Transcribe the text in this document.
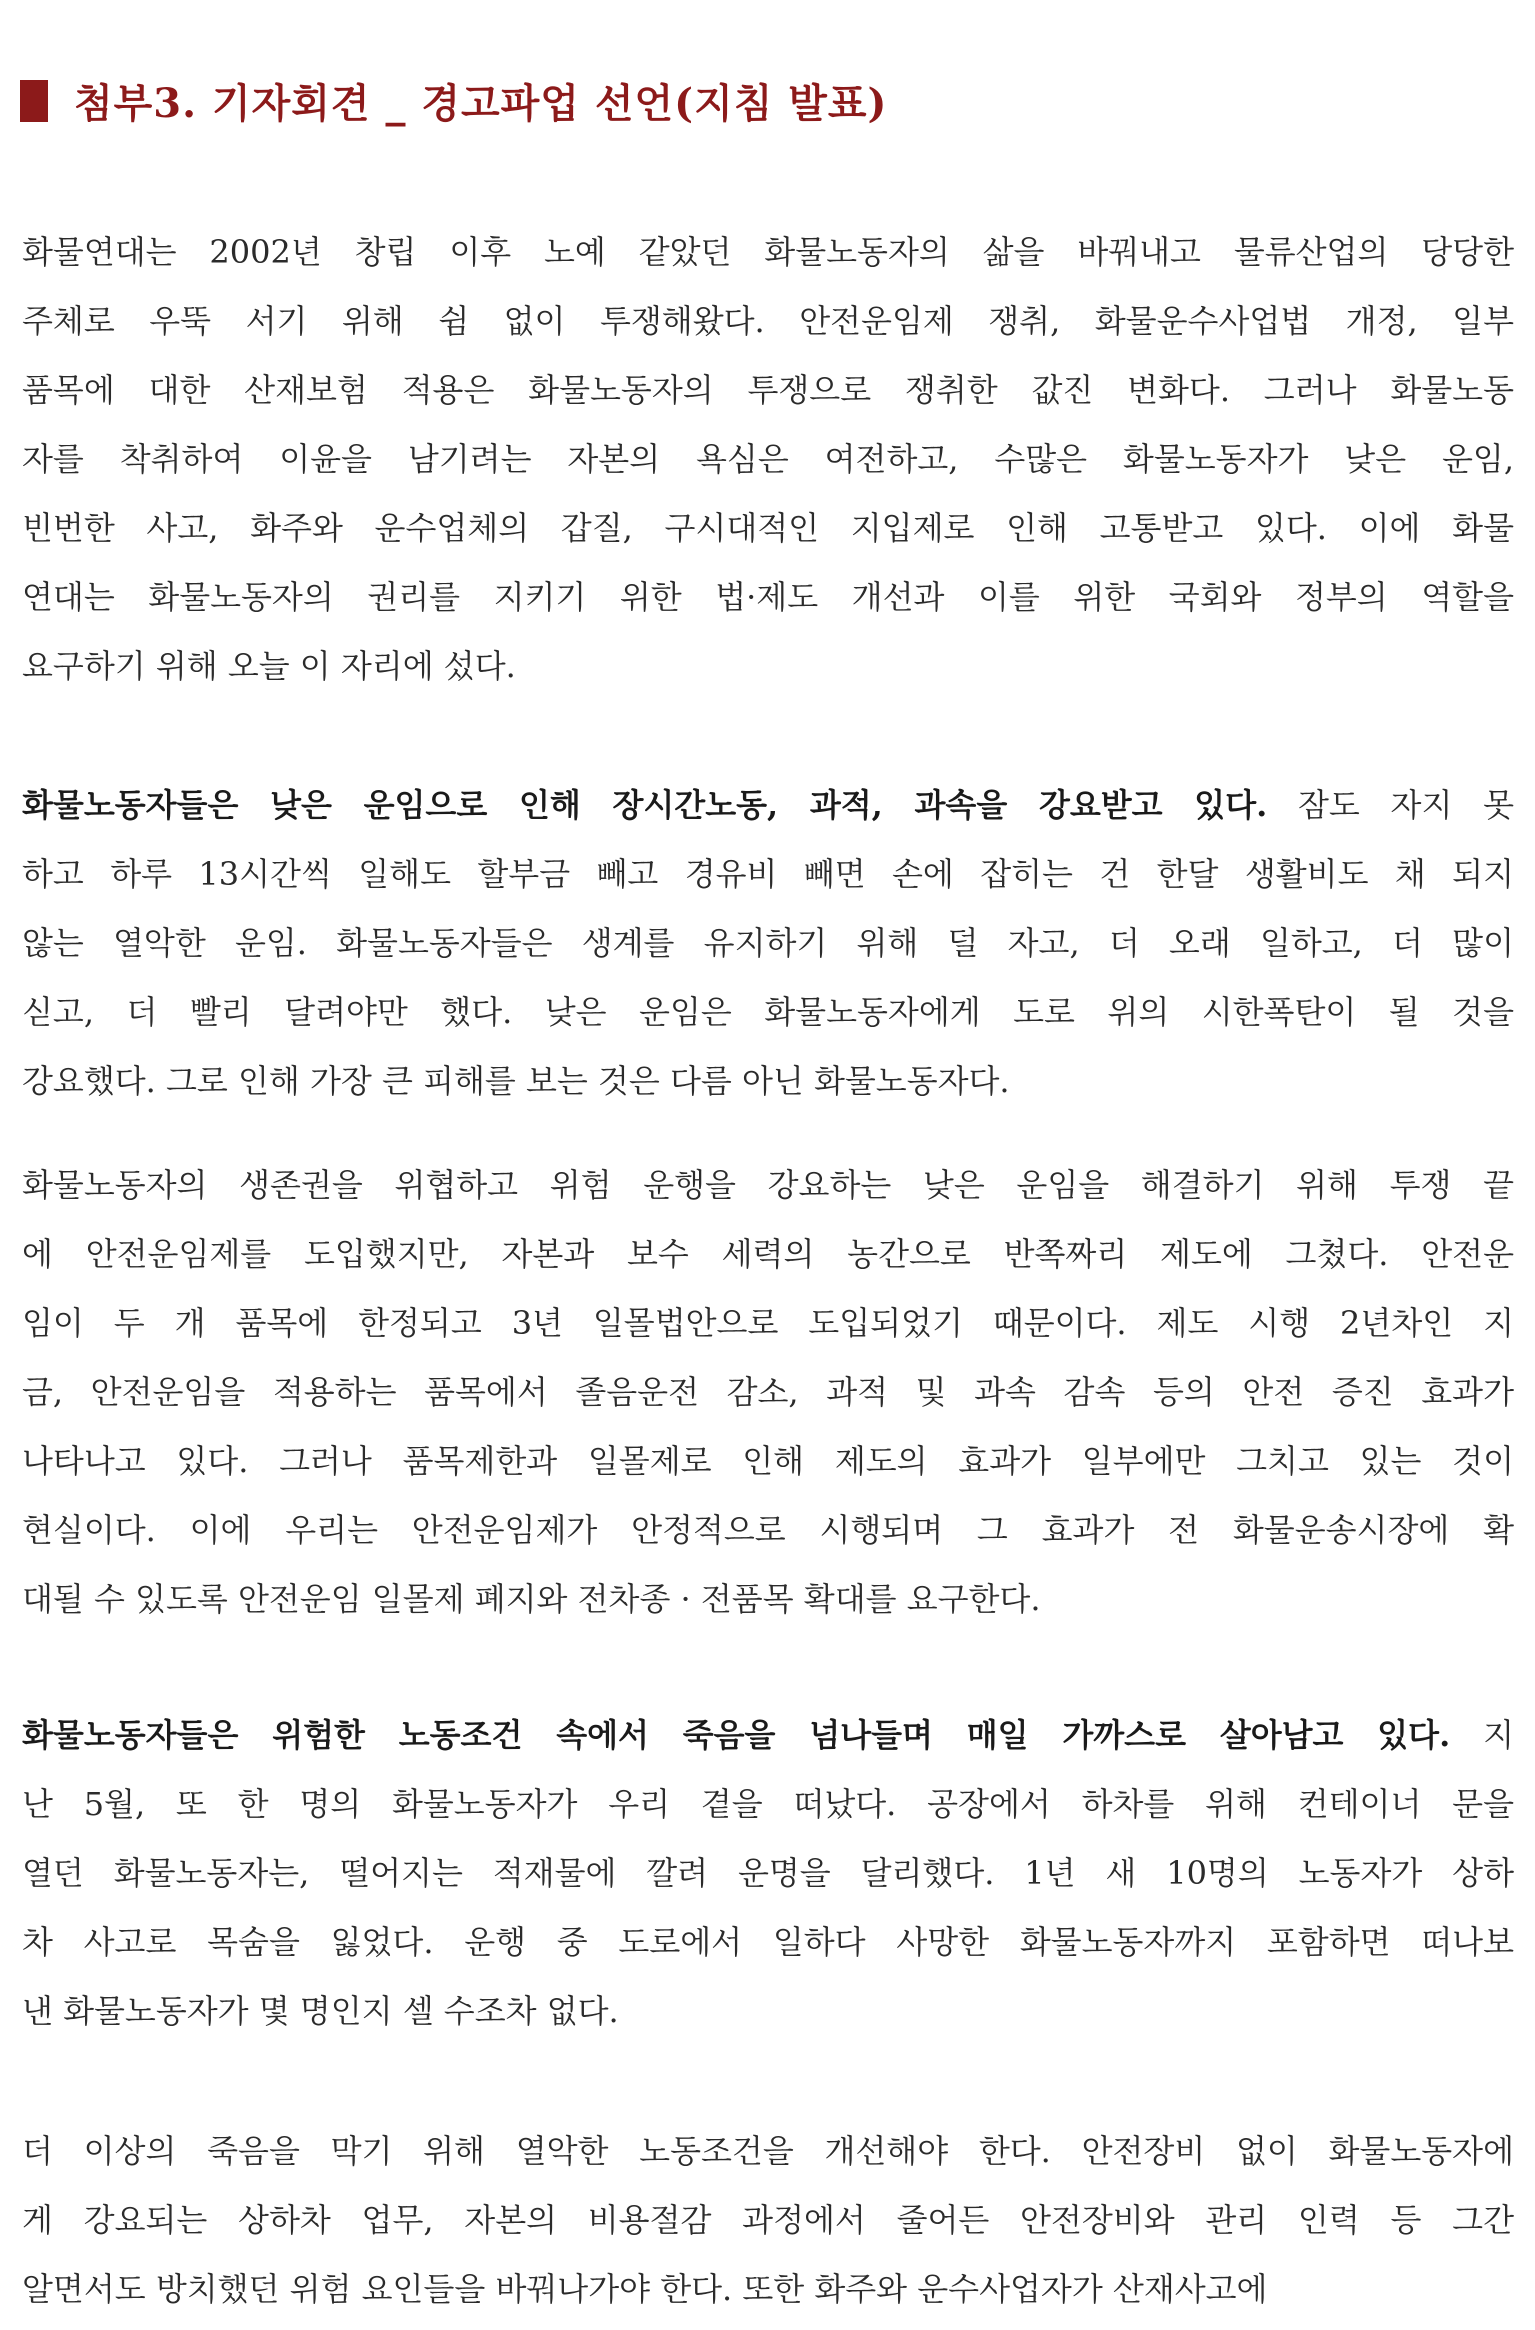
첨부3. 기자회견 _ 경고파업 선언(지침 발표)
화물연대는 2002년 창립 이후 노예 같았던 화물노동자의 삶을 바꿔내고 물류산업의 당당한
주체로 우뚝 서기 위해 쉼 없이 투쟁해왔다. 안전운임제 쟁취, 화물운수사업법 개정, 일부
품목에 대한 산재보험 적용은 화물노동자의 투쟁으로 쟁취한 값진 변화다. 그러나 화물노동
자를 착취하여 이윤을 남기려는 자본의 욕심은 여전하고, 수많은 화물노동자가 낮은 운임,
빈번한 사고, 화주와 운수업체의 갑질, 구시대적인 지입제로 인해 고통받고 있다. 이에 화물
연대는 화물노동자의 권리를 지키기 위한 법·제도 개선과 이를 위한 국회와 정부의 역할을
요구하기 위해 오늘 이 자리에 섰다.
화물노동자들은 낮은 운임으로 인해 장시간노동, 과적, 과속을 강요받고 있다. 잠도 자지 못
하고 하루 13시간씩 일해도 할부금 빼고 경유비 빼면 손에 잡히는 건 한달 생활비도 채 되지
않는 열악한 운임. 화물노동자들은 생계를 유지하기 위해 덜 자고, 더 오래 일하고, 더 많이
싣고, 더 빨리 달려야만 했다. 낮은 운임은 화물노동자에게 도로 위의 시한폭탄이 될 것을
강요했다. 그로 인해 가장 큰 피해를 보는 것은 다름 아닌 화물노동자다.
화물노동자의 생존권을 위협하고 위험 운행을 강요하는 낮은 운임을 해결하기 위해 투쟁 끝
에 안전운임제를 도입했지만, 자본과 보수 세력의 농간으로 반쪽짜리 제도에 그쳤다. 안전운
임이 두 개 품목에 한정되고 3년 일몰법안으로 도입되었기 때문이다. 제도 시행 2년차인 지
금, 안전운임을 적용하는 품목에서 졸음운전 감소, 과적 및 과속 감속 등의 안전 증진 효과가
나타나고 있다. 그러나 품목제한과 일몰제로 인해 제도의 효과가 일부에만 그치고 있는 것이
현실이다. 이에 우리는 안전운임제가 안정적으로 시행되며 그 효과가 전 화물운송시장에 확
대될 수 있도록 안전운임 일몰제 폐지와 전차종 · 전품목 확대를 요구한다.
화물노동자들은 위험한 노동조건 속에서 죽음을 넘나들며 매일 가까스로 살아남고 있다. 지
난 5월, 또 한 명의 화물노동자가 우리 곁을 떠났다. 공장에서 하차를 위해 컨테이너 문을
열던 화물노동자는, 떨어지는 적재물에 깔려 운명을 달리했다. 1년 새 10명의 노동자가 상하
차 사고로 목숨을 잃었다. 운행 중 도로에서 일하다 사망한 화물노동자까지 포함하면 떠나보
낸 화물노동자가 몇 명인지 셀 수조차 없다.
더 이상의 죽음을 막기 위해 열악한 노동조건을 개선해야 한다. 안전장비 없이 화물노동자에
게 강요되는 상하차 업무, 자본의 비용절감 과정에서 줄어든 안전장비와 관리 인력 등 그간
알면서도 방치했던 위험 요인들을 바꿔나가야 한다. 또한 화주와 운수사업자가 산재사고에
